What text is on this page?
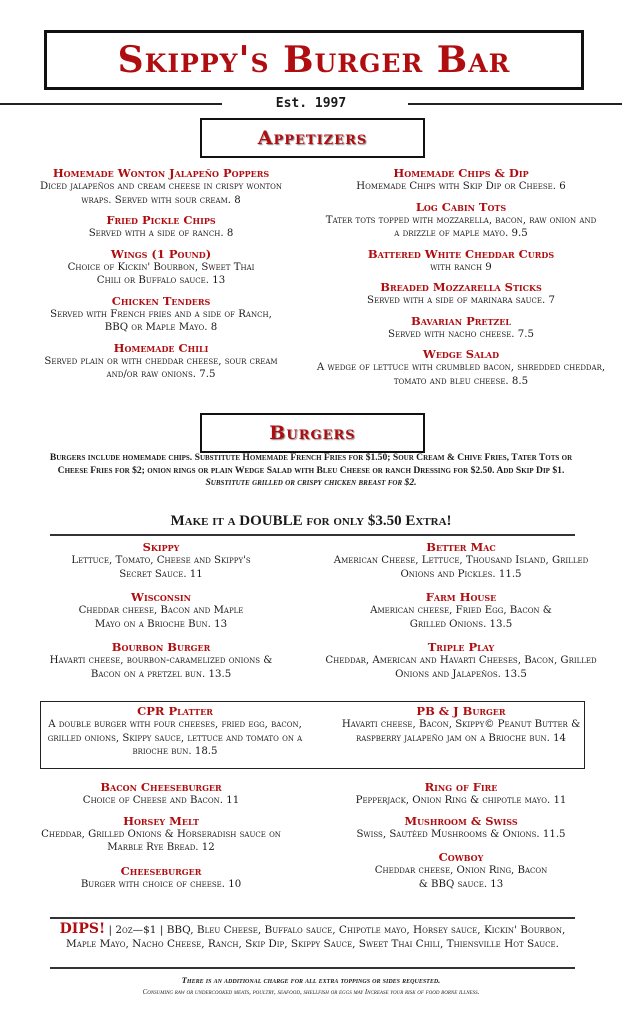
Skippy's Burger Bar
Est. 1997
Appetizers
Homemade Wonton Jalapeño Poppers
Diced jalapeños and cream cheese in crispy wonton wraps. Served with sour cream. 8
Fried Pickle Chips
Served with a side of ranch. 8
Wings (1 Pound)
Choice of Kickin' Bourbon, Sweet Thai Chili or Buffalo sauce. 13
Chicken Tenders
Served with French fries and a side of Ranch, BBQ or Maple Mayo. 8
Homemade Chili
Served plain or with cheddar cheese, sour cream and/or raw onions. 7.5
Homemade Chips & Dip
Homemade Chips with Skip Dip or Cheese. 6
Log Cabin Tots
Tater tots topped with mozzarella, bacon, raw onion and a drizzle of maple mayo. 9.5
Battered White Cheddar Curds
with ranch 9
Breaded Mozzarella Sticks
Served with a side of marinara sauce. 7
Bavarian Pretzel
Served with nacho cheese. 7.5
Wedge Salad
A wedge of lettuce with crumbled bacon, shredded cheddar, tomato and bleu cheese. 8.5
Burgers
Burgers include homemade chips. Substitute Homemade French Fries for $1.50; Sour Cream & Chive Fries, Tater Tots or Cheese Fries for $2; onion rings or plain Wedge Salad with Bleu Cheese or ranch Dressing for $2.50. Add Skip Dip $1.
Substitute grilled or crispy chicken breast for $2.
Make it a DOUBLE for only $3.50 Extra!
Skippy
Lettuce, Tomato, Cheese and Skippy's Secret Sauce. 11
Wisconsin
Cheddar cheese, Bacon and Maple Mayo on a Brioche Bun. 13
Bourbon Burger
Havarti cheese, bourbon-caramelized onions & Bacon on a pretzel bun. 13.5
Better Mac
American Cheese, Lettuce, Thousand Island, Grilled Onions and Pickles. 11.5
Farm House
American cheese, Fried Egg, Bacon & Grilled Onions. 13.5
Triple Play
Cheddar, American and Havarti Cheeses, Bacon, Grilled Onions and Jalapeños. 13.5
CPR Platter
A double burger with four cheeses, fried egg, bacon, grilled onions, Skippy sauce, lettuce and tomato on a brioche bun. 18.5
PB & J Burger
Havarti cheese, Bacon, Skippy© Peanut Butter & raspberry jalapeño jam on a Brioche bun. 14
Bacon Cheeseburger
Choice of Cheese and Bacon. 11
Horsey Melt
Cheddar, Grilled Onions & Horseradish sauce on Marble Rye Bread. 12
Cheeseburger
Burger with choice of cheese. 10
Ring of Fire
Pepperjack, Onion Ring & chipotle mayo. 11
Mushroom & Swiss
Swiss, Sautéed Mushrooms & Onions. 11.5
Cowboy
Cheddar cheese, Onion Ring, Bacon & BBQ sauce. 13
DIPS! | 2oz—$1 | BBQ, Bleu Cheese, Buffalo sauce, Chipotle mayo, Horsey sauce, Kickin' Bourbon, Maple Mayo, Nacho Cheese, Ranch, Skip Dip, Skippy Sauce, Sweet Thai Chili, Thiensville Hot Sauce.
There is an additional charge for all extra toppings or sides requested.
Consuming raw or undercooked meats, poultry, seafood, shellfish or eggs may Increase your risk of food borne illness.
